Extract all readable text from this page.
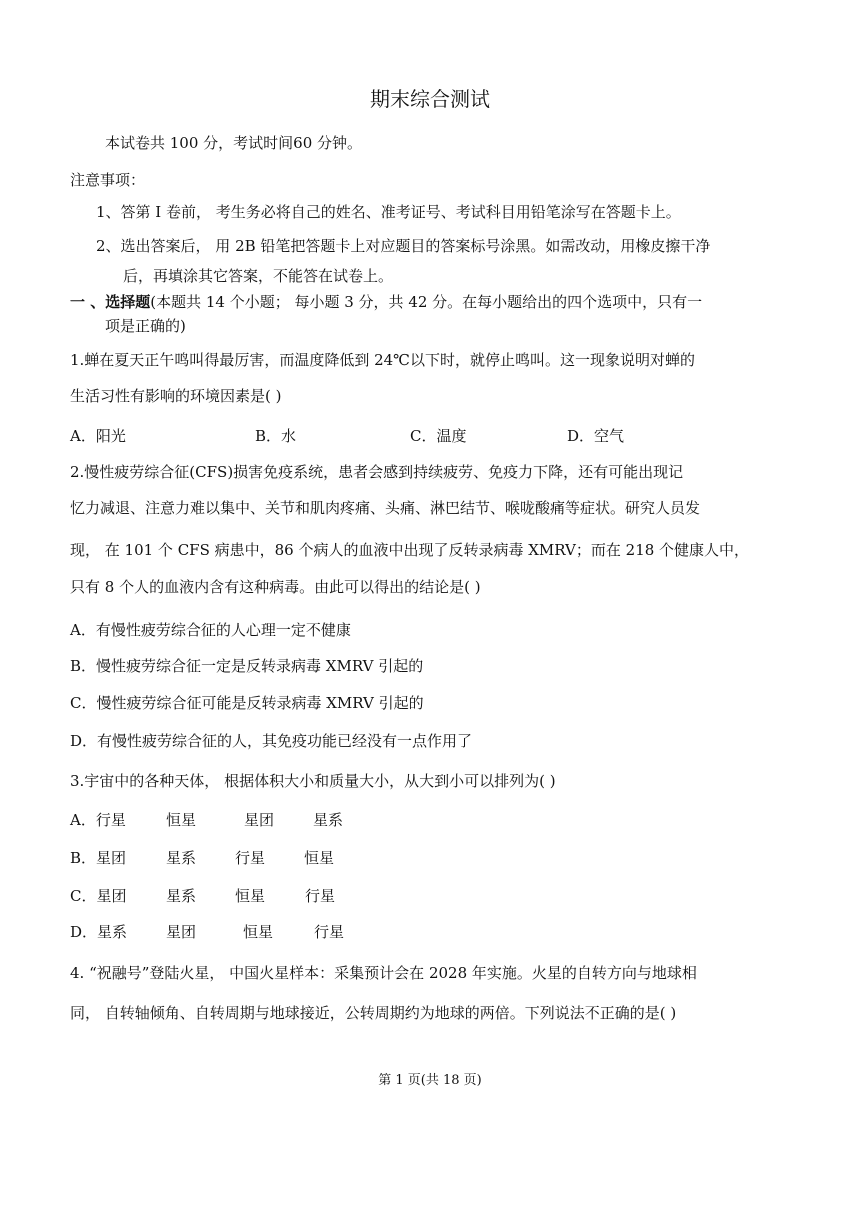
期末综合测试
本试卷共 100 分，考试时间60 分钟。
注意事项：
1、答第 I 卷前， 考生务必将自己的姓名、准考证号、考试科目用铅笔涂写在答题卡上。
2、选出答案后， 用 2B 铅笔把答题卡上对应题目的答案标号涂黑。如需改动，用橡皮擦干净
后，再填涂其它答案，不能答在试卷上。
一 、选择题(本题共 14 个小题； 每小题 3 分，共 42 分。在每小题给出的四个选项中，只有一
项是正确的)
1.蝉在夏天正午鸣叫得最厉害，而温度降低到 24℃以下时，就停止鸣叫。这一现象说明对蝉的
生活习性有影响的环境因素是( )
A．阳光	B．水	C．温度	D．空气
2.慢性疲劳综合征(CFS)损害免疫系统，患者会感到持续疲劳、免疫力下降，还有可能出现记
忆力减退、注意力难以集中、关节和肌肉疼痛、头痛、淋巴结节、喉咙酸痛等症状。研究人员发
现， 在 101 个 CFS 病患中，86 个病人的血液中出现了反转录病毒 XMRV；而在 218 个健康人中，
只有 8 个人的血液内含有这种病毒。由此可以得出的结论是( )
A．有慢性疲劳综合征的人心理一定不健康
B．慢性疲劳综合征一定是反转录病毒 XMRV 引起的
C．慢性疲劳综合征可能是反转录病毒 XMRV 引起的
D．有慢性疲劳综合征的人，其免疫功能已经没有一点作用了
3.宇宙中的各种天体， 根据体积大小和质量大小，从大到小可以排列为( )
A．行星	恒星	星团	星系
B．星团	星系	行星	恒星
C．星团	星系	恒星	行星
D．星系	星团	恒星	行星
4. “祝融号”登陆火星， 中国火星样本：采集预计会在 2028 年实施。火星的自转方向与地球相
同， 自转轴倾角、自转周期与地球接近，公转周期约为地球的两倍。下列说法不正确的是( )
第 1 页(共 18 页)
